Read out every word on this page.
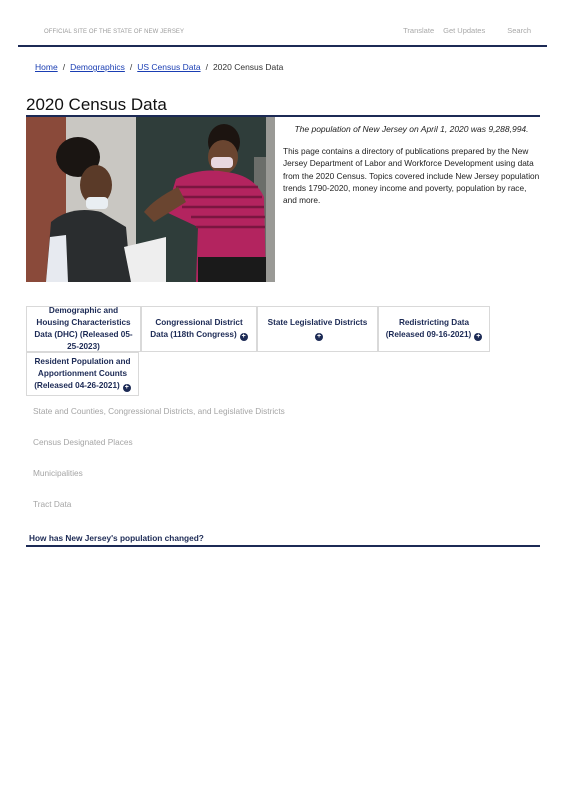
OFFICIAL SITE OF THE STATE OF NEW JERSEY	Translate Get Updates	Search
Home / Demographics / US Census Data / 2020 Census Data
2020 Census Data

The population of New Jersey on April 1, 2020 was 9,288,994.

This page contains a directory of publications prepared by the New Jersey Department of Labor and Workforce Development using data from the 2020 Census. Topics covered include New Jersey population trends 1790-2020, money income and poverty, population by race, and more.

Demographic and Housing Characteristics Data (DHC) (Released 05-25-2023)
Congressional District Data (118th Congress) +
State Legislative Districts+
Redistricting Data (Released 09-16-2021) +
Resident Population and Apportionment Counts (Released 04-26-2021) +
State and Counties, Congressional Districts, and Legislative Districts
Census Designated Places
Municipalities
Tract Data
How has New Jersey's population changed?
